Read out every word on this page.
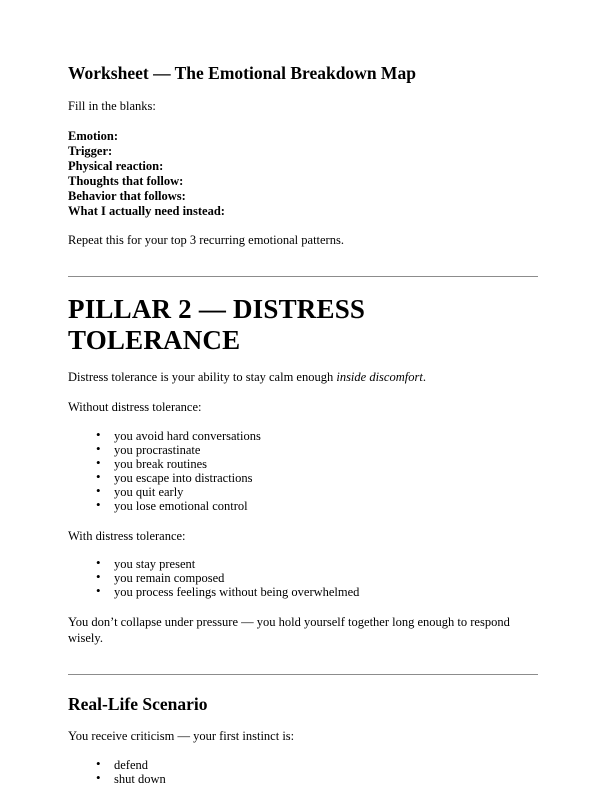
Worksheet — The Emotional Breakdown Map

Fill in the blanks:

Emotion:
Trigger:
Physical reaction:
Thoughts that follow:
Behavior that follows:
What I actually need instead:

Repeat this for your top 3 recurring emotional patterns.

PILLAR 2 — DISTRESS TOLERANCE

Distress tolerance is your ability to stay calm enough inside discomfort.

Without distress tolerance:

• you avoid hard conversations
• you procrastinate
• you break routines
• you escape into distractions
• you quit early
• you lose emotional control

With distress tolerance:

• you stay present
• you remain composed
• you process feelings without being overwhelmed

You don’t collapse under pressure — you hold yourself together long enough to respond wisely.

Real-Life Scenario

You receive criticism — your first instinct is:

• defend
• shut down
